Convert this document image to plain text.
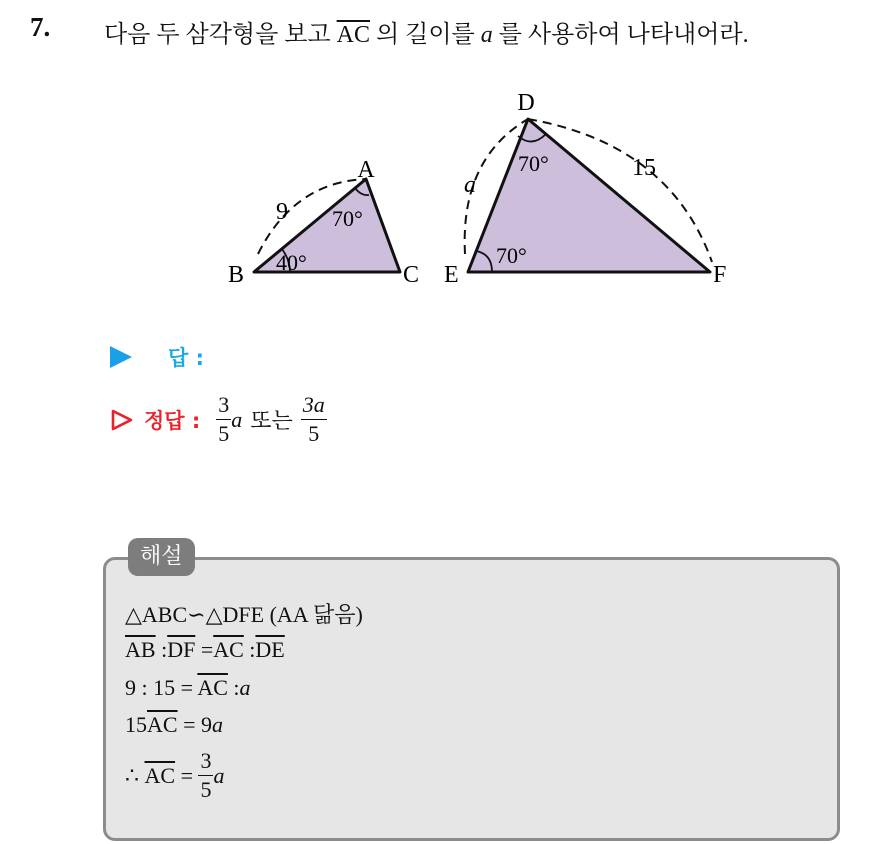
7. 다음 두 삼각형을 보고 $\overline{AC}$ 의 길이를 a 를 사용하여 나타내어라.
A
B	C
9 70°
40°
D
E	F
15
a
70°
70°
답 :
정답 : $\frac{3}{5}$ a 또는 $\frac{3a}{5}$
해설
△ABC∽△DFE (AA 닮음)
$\overline{AB}$ $:\overline{DF} =\overline{AC}$ $:\overline{DE}$
9 : $15 = \overline{AC}$ :a
$15\overline{AC} = 9a$
∴
$\overline{AC}$
=
$\frac{3}{5}$ a
